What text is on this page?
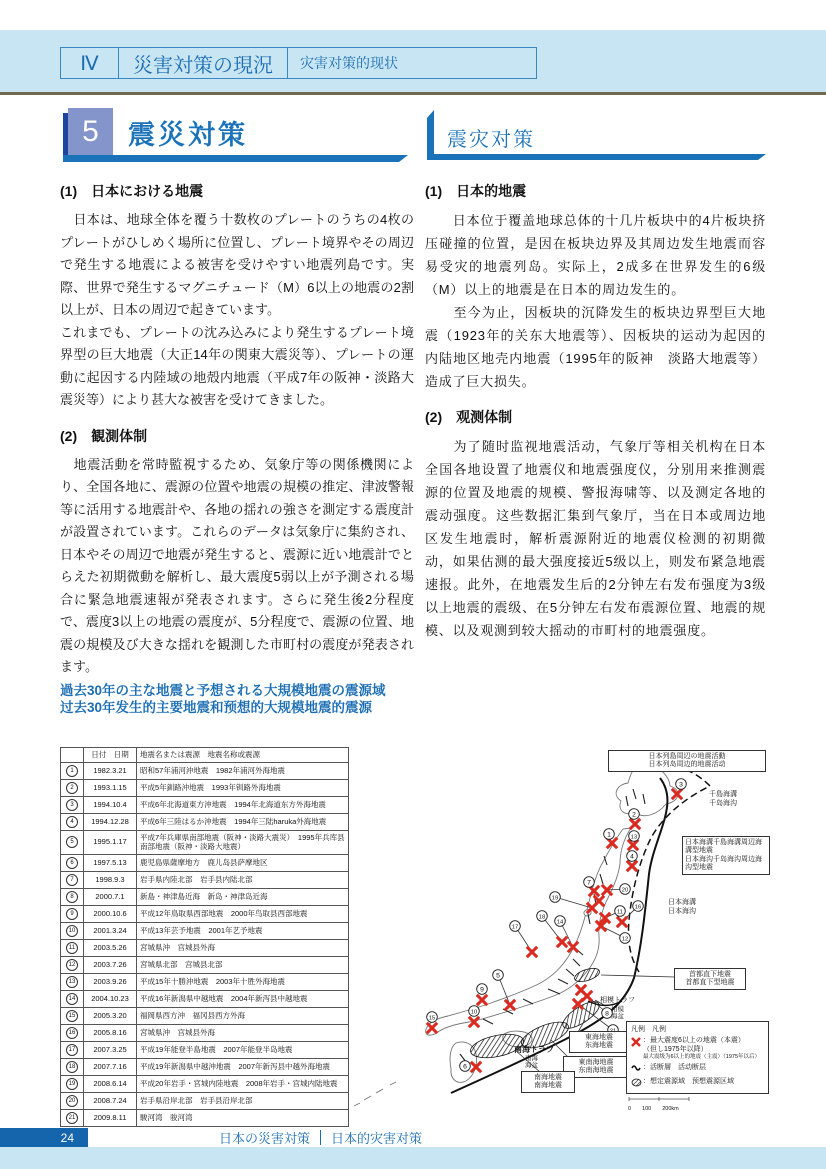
Ⅳ	災害対策の現況	灾害对策的现状
5	震災対策	震灾对策
(1)　日本における地震

　日本は、地球全体を覆う十数枚のプレートのうちの4枚のプレートがひしめく場所に位置し、プレート境界やその周辺で発生する地震による被害を受けやすい地震列島です。実際、世界で発生するマグニチュード（M）6以上の地震の2割以上が、日本の周辺で起きています。

これまでも、プレートの沈み込みにより発生するプレート境界型の巨大地震（大正14年の関東大震災等）、プレートの運動に起因する内陸域の地殻内地震（平成7年の阪神・淡路大震災等）により甚大な被害を受けてきました。

(2)　観測体制

　地震活動を常時監視するため、気象庁等の関係機関により、全国各地に、震源の位置や地震の規模の推定、津波警報等に活用する地震計や、各地の揺れの強さを測定する震度計が設置されています。これらのデータは気象庁に集約され、日本やその周辺で地震が発生すると、震源に近い地震計でとらえた初期微動を解析し、最大震度5弱以上が予測される場合に緊急地震速報が発表されます。さらに発生後2分程度で、震度3以上の地震の震度が、5分程度で、震源の位置、地震の規模及び大きな揺れを観測した市町村の震度が発表されます。

(1)　日本的地震

　　日本位于覆盖地球总体的十几片板块中的4片板块挤压碰撞的位置，是因在板块边界及其周边发生地震而容易受灾的地震列岛。实际上，2成多在世界发生的6级（M）以上的地震是在日本的周边发生的。

　　至今为止，因板块的沉降发生的板块边界型巨大地震（1923年的关东大地震等）、因板块的运动为起因的内陆地区地壳内地震（1995年的阪神　淡路大地震等）造成了巨大损失。

(2)　观测体制

　　为了随时监视地震活动，气象厅等相关机构在日本全国各地设置了地震仪和地震强度仪，分别用来推测震源的位置及地震的规模、警报海啸等、以及测定各地的震动强度。这些数据汇集到气象厅，当在日本或周边地区发生地震时，解析震源附近的地震仪检测的初期微动，如果估测的最大强度接近5级以上，则发布紧急地震速报。此外，在地震发生后的2分钟左右发布强度为3级以上地震的震级、在5分钟左右发布震源位置、地震的规模、以及观测到较大摇动的市町村的地震强度。

過去30年の主な地震と予想される大規模地震の震源域
过去30年发生的主要地震和预想的大规模地震的震源
	日付　日期	地震名または震源　地震名称或震源
1	1982.3.21	昭和57年浦河沖地震　1982年浦河外海地震
2	1993.1.15	平成5年釧路沖地震　1993年钏路外海地震
3	1994.10.4	平成6年北海道東方沖地震　1994年北海道东方外海地震
4	1994.12.28	平成6年三陸はるか沖地震　1994年三陆haruka外海地震
5	1995.1.17	平成7年兵庫県南部地震（阪神・淡路大震災）　1995年兵库县南部地震（阪神・淡路大地震）
6	1997.5.13	鹿児島県薩摩地方　鹿儿岛县萨摩地区
7	1998.9.3	岩手県内陸北部　岩手县内陆北部
8	2000.7.1	新島・神津島近海　新岛・神津岛近海
9	2000.10.6	平成12年鳥取県西部地震　2000年鸟取县西部地震
10	2001.3.24	平成13年芸予地震　2001年艺予地震
11	2003.5.26	宮城県沖　宫城县外海
12	2003.7.26	宮城県北部　宫城县北部
13	2003.9.26	平成15年十勝沖地震　2003年十胜外海地震
14	2004.10.23	平成16年新潟県中越地震　2004年新泻县中越地震
15	2005.3.20	福岡県西方沖　福冈县西方外海
16	2005.8.16	宮城県沖　宫城县外海
17	2007.3.25	平成19年能登半島地震　2007年能登半岛地震
18	2007.7.16	平成19年新潟県中越沖地震　2007年新泻县中越外海地震
19	2008.6.14	平成20年岩手・宮城内陸地震　2008年岩手・宫城内陆地震
20	2008.7.24	岩手県沿岸北部　岩手县沿岸北部
21	2009.8.11	駿河湾　骏河湾
1
2
3
4
13
7
20
19
16
11
12
18
14
17
5
9
10
15
6
8
日本列島周辺の地震活動
日本列岛周边的地震活动
千島海溝
千岛海沟
日本海溝千島海溝周辺海溝型地震
日本海沟千岛海沟周边海沟型地震
日本海溝
日本海沟
首都直下地震
首都直下型地震
相模トラフ
相模海盆
南海トラフ
南海海盆
東海地震
东海地震
東南海地震
东南海地震
南海地震
南海地震
凡例　凡例
：最大震度6以上の地震（本震）
（但し1975年以降）
最大震级为6以上的地震（主震）（1975年以后）
：活断層　活动断层
：想定震源域　预想震源区域
0　　100　　200km
24	日本の災害対策 日本的灾害对策
